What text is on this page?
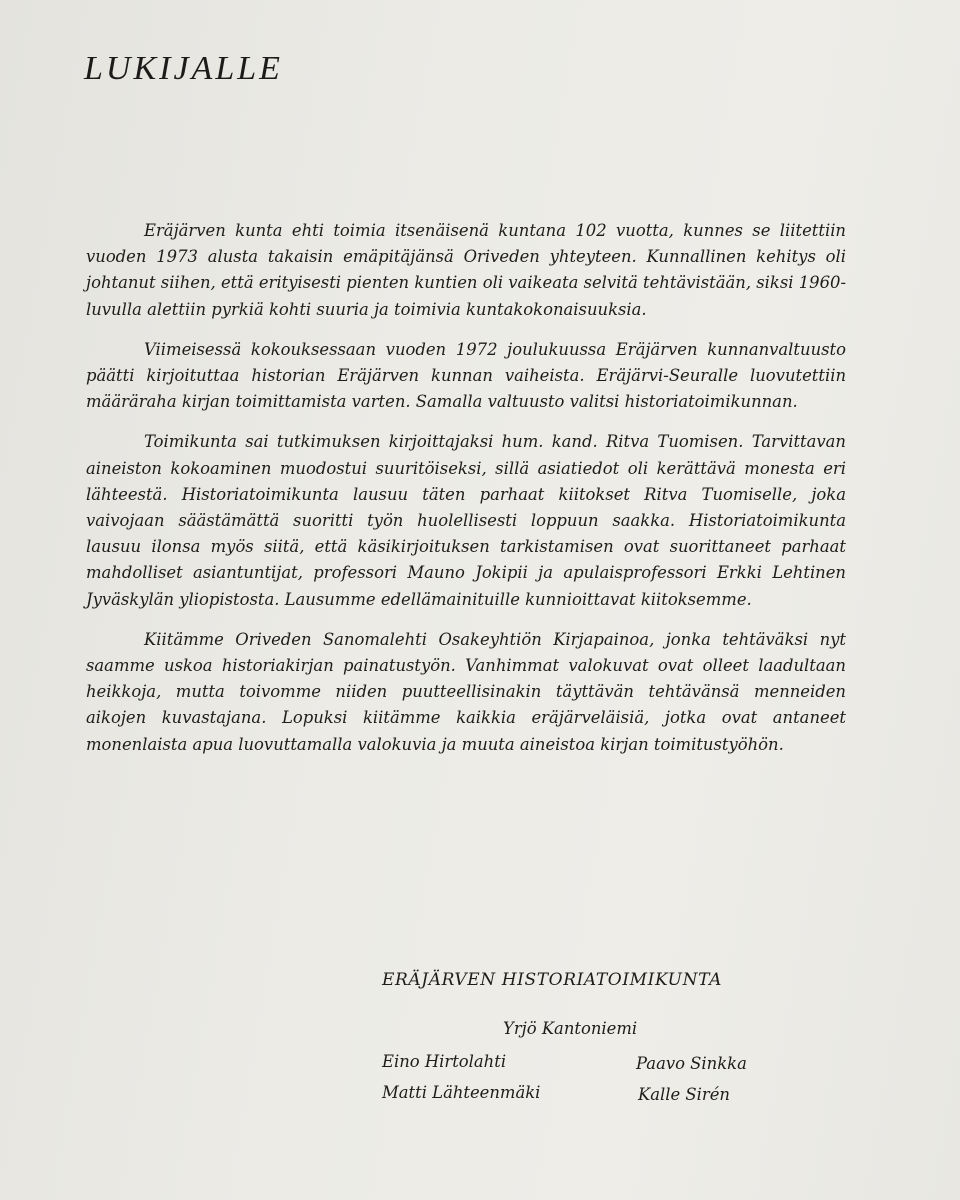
LUKIJALLE

Eräjärven kunta ehti toimia itsenäisenä kuntana 102 vuotta, kunnes se liitettiin vuoden 1973 alusta takaisin emäpitäjänsä Oriveden yhteyteen. Kunnallinen kehitys oli johtanut siihen, että erityisesti pienten kuntien oli vaikeata selvitä tehtävistään, siksi 1960-luvulla alettiin pyrkiä kohti suuria ja toimivia kuntakokonaisuuksia.

Viimeisessä kokouksessaan vuoden 1972 joulukuussa Eräjärven kunnanvaltuusto päätti kirjoituttaa historian Eräjärven kunnan vaiheista. Eräjärvi-Seuralle luovutettiin määräraha kirjan toimittamista varten. Samalla valtuusto valitsi historiatoimikunnan.

Toimikunta sai tutkimuksen kirjoittajaksi hum. kand. Ritva Tuomisen. Tarvittavan aineiston kokoaminen muodostui suuritöiseksi, sillä asiatiedot oli kerättävä monesta eri lähteestä. Historiatoimikunta lausuu täten parhaat kiitokset Ritva Tuomiselle, joka vaivojaan säästämättä suoritti työn huolellisesti loppuun saakka. Historiatoimikunta lausuu ilonsa myös siitä, että käsikirjoituksen tarkistamisen ovat suorittaneet parhaat mahdolliset asiantuntijat, professori Mauno Jokipii ja apulaisprofessori Erkki Lehtinen Jyväskylän yliopistosta. Lausumme edellämainituille kunnioittavat kiitoksemme.

Kiitämme Oriveden Sanomalehti Osakeyhtiön Kirjapainoa, jonka tehtäväksi nyt saamme uskoa historiakirjan painatustyön. Vanhimmat valokuvat ovat olleet laadultaan heikkoja, mutta toivomme niiden puutteellisinakin täyttävän tehtävänsä menneiden aikojen kuvastajana. Lopuksi kiitämme kaikkia eräjärveläisiä, jotka ovat antaneet monenlaista apua luovuttamalla valokuvia ja muuta aineistoa kirjan toimitustyöhön.

ERÄJÄRVEN HISTORIATOIMIKUNTA
Yrjö Kantoniemi
Eino Hirtolahti	Paavo Sinkka
Matti Lähteenmäki	Kalle Sirén
